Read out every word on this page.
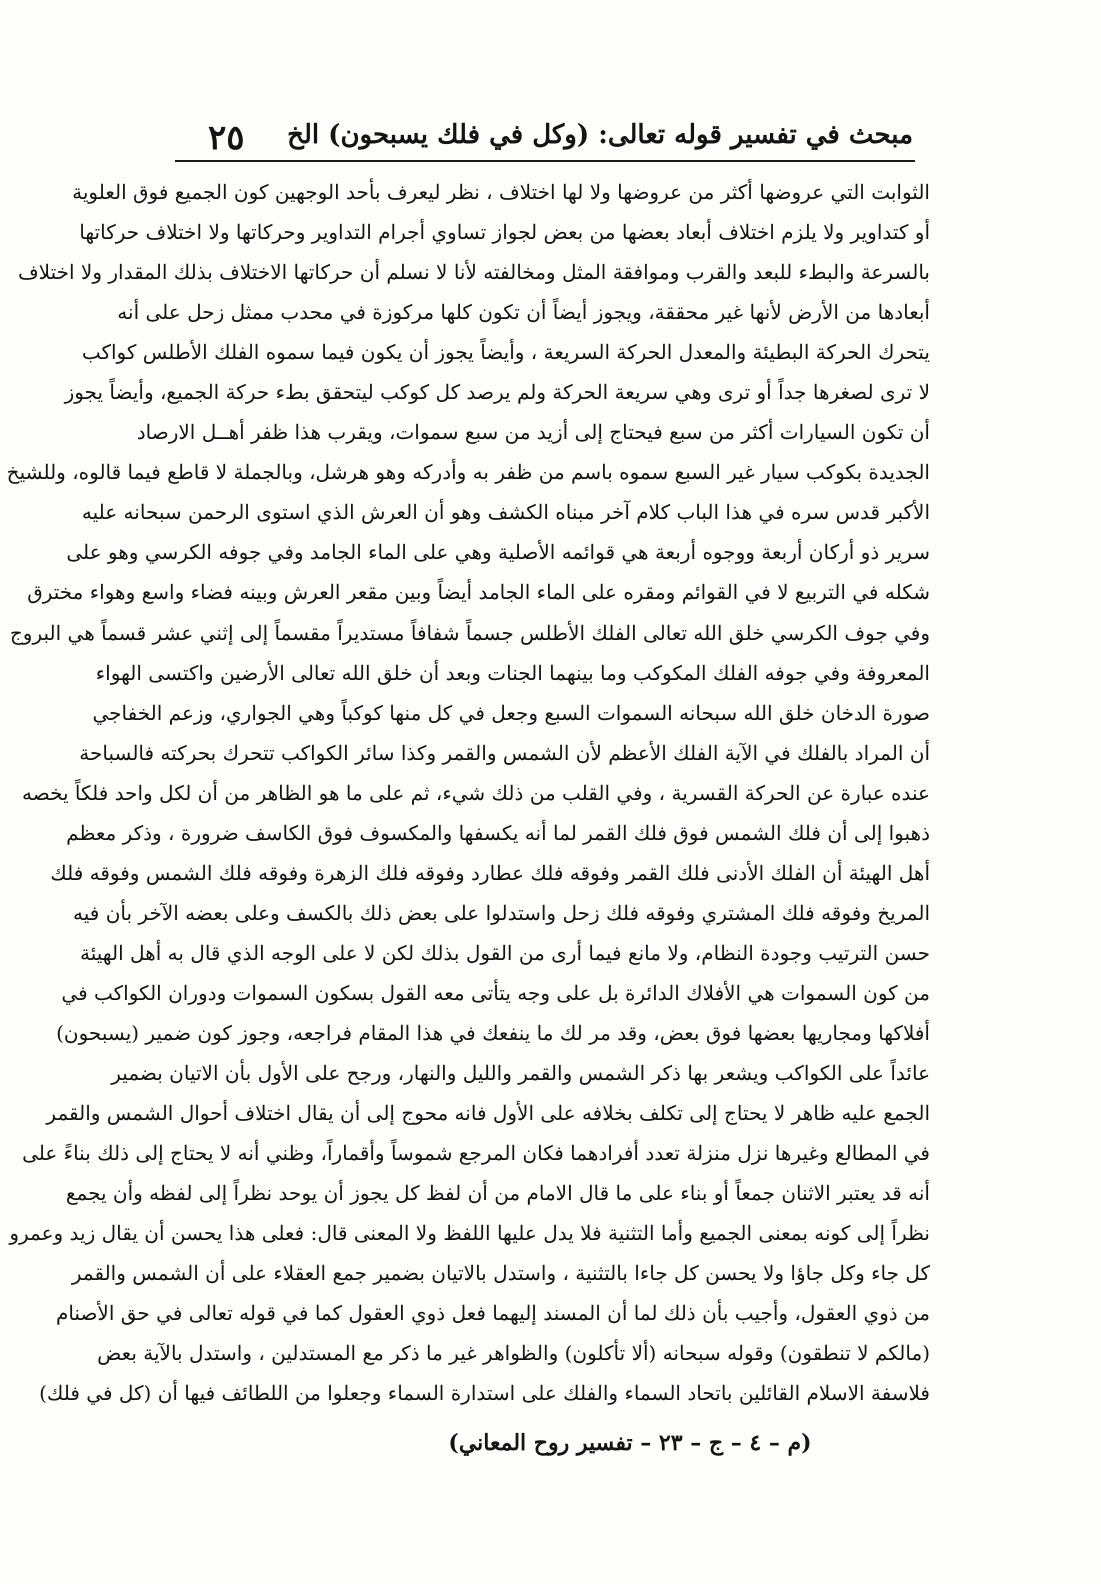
مبحث في تفسير قوله تعالى: (وكل في فلك يسبحون) الخ
٢٥
الثوابت التي عروضها أكثر من عروضها ولا لها اختلاف ، نظر ليعرف بأحد الوجهين كون الجميع فوق العلوية
أو كتداوير ولا يلزم اختلاف أبعاد بعضها من بعض لجواز تساوي أجرام التداوير وحركاتها ولا اختلاف حركاتها
بالسرعة والبطء للبعد والقرب وموافقة المثل ومخالفته لأنا لا نسلم أن حركاتها الاختلاف بذلك المقدار ولا اختلاف
أبعادها من الأرض لأنها غير محققة، ويجوز أيضاً أن تكون كلها مركوزة في محدب ممثل زحل على أنه
يتحرك الحركة البطيئة والمعدل الحركة السريعة ، وأيضاً يجوز أن يكون فيما سموه الفلك الأطلس كواكب
لا ترى لصغرها جداً أو ترى وهي سريعة الحركة ولم يرصد كل كوكب ليتحقق بطء حركة الجميع، وأيضاً يجوز
أن تكون السيارات أكثر من سبع فيحتاج إلى أزيد من سبع سموات، ويقرب هذا ظفر أهــل الارصاد
الجديدة بكوكب سيار غير السبع سموه باسم من ظفر به وأدركه وهو هرشل، وبالجملة لا قاطع فيما قالوه، وللشيخ
الأكبر قدس سره في هذا الباب كلام آخر مبناه الكشف وهو أن العرش الذي استوى الرحمن سبحانه عليه
سرير ذو أركان أربعة ووجوه أربعة هي قوائمه الأصلية وهي على الماء الجامد وفي جوفه الكرسي وهو على
شكله في التربيع لا في القوائم ومقره على الماء الجامد أيضاً وبين مقعر العرش وبينه فضاء واسع وهواء مخترق
وفي جوف الكرسي خلق الله تعالى الفلك الأطلس جسماً شفافاً مستديراً مقسماً إلى إثني عشر قسماً هي البروج
المعروفة وفي جوفه الفلك المكوكب وما بينهما الجنات وبعد أن خلق الله تعالى الأرضين واكتسى الهواء
صورة الدخان خلق الله سبحانه السموات السبع وجعل في كل منها كوكباً وهي الجواري، وزعم الخفاجي
أن المراد بالفلك في الآية الفلك الأعظم لأن الشمس والقمر وكذا سائر الكواكب تتحرك بحركته فالسباحة
عنده عبارة عن الحركة القسرية ، وفي القلب من ذلك شيء، ثم على ما هو الظاهر من أن لكل واحد فلكاً يخصه
ذهبوا إلى أن فلك الشمس فوق فلك القمر لما أنه يكسفها والمكسوف فوق الكاسف ضرورة ، وذكر معظم
أهل الهيئة أن الفلك الأدنى فلك القمر وفوقه فلك عطارد وفوقه فلك الزهرة وفوقه فلك الشمس وفوقه فلك
المريخ وفوقه فلك المشتري وفوقه فلك زحل واستدلوا على بعض ذلك بالكسف وعلى بعضه الآخر بأن فيه
حسن الترتيب وجودة النظام، ولا مانع فيما أرى من القول بذلك لكن لا على الوجه الذي قال به أهل الهيئة
من كون السموات هي الأفلاك الدائرة بل على وجه يتأتى معه القول بسكون السموات ودوران الكواكب في
أفلاكها ومجاريها بعضها فوق بعض، وقد مر لك ما ينفعك في هذا المقام فراجعه، وجوز كون ضمير (يسبحون)
عائداً على الكواكب ويشعر بها ذكر الشمس والقمر والليل والنهار، ورجح على الأول بأن الاتيان بضمير
الجمع عليه ظاهر لا يحتاج إلى تكلف بخلافه على الأول فانه محوج إلى أن يقال اختلاف أحوال الشمس والقمر
في المطالع وغيرها نزل منزلة تعدد أفرادهما فكان المرجع شموساً وأقماراً، وظني أنه لا يحتاج إلى ذلك بناءً على
أنه قد يعتبر الاثنان جمعاً أو بناء على ما قال الامام من أن لفظ كل يجوز أن يوحد نظراً إلى لفظه وأن يجمع
نظراً إلى كونه بمعنى الجميع وأما التثنية فلا يدل عليها اللفظ ولا المعنى قال: فعلى هذا يحسن أن يقال زيد وعمرو
كل جاء وكل جاؤا ولا يحسن كل جاءا بالتثنية ، واستدل بالاتيان بضمير جمع العقلاء على أن الشمس والقمر
من ذوي العقول، وأجيب بأن ذلك لما أن المسند إليهما فعل ذوي العقول كما في قوله تعالى في حق الأصنام
(مالكم لا تنطقون) وقوله سبحانه (ألا تأكلون) والظواهر غير ما ذكر مع المستدلين ، واستدل بالآية بعض
فلاسفة الاسلام القائلين باتحاد السماء والفلك على استدارة السماء وجعلوا من اللطائف فيها أن (كل في فلك)
(م – ٤ – ج – ٢٣ – تفسير روح المعاني)
